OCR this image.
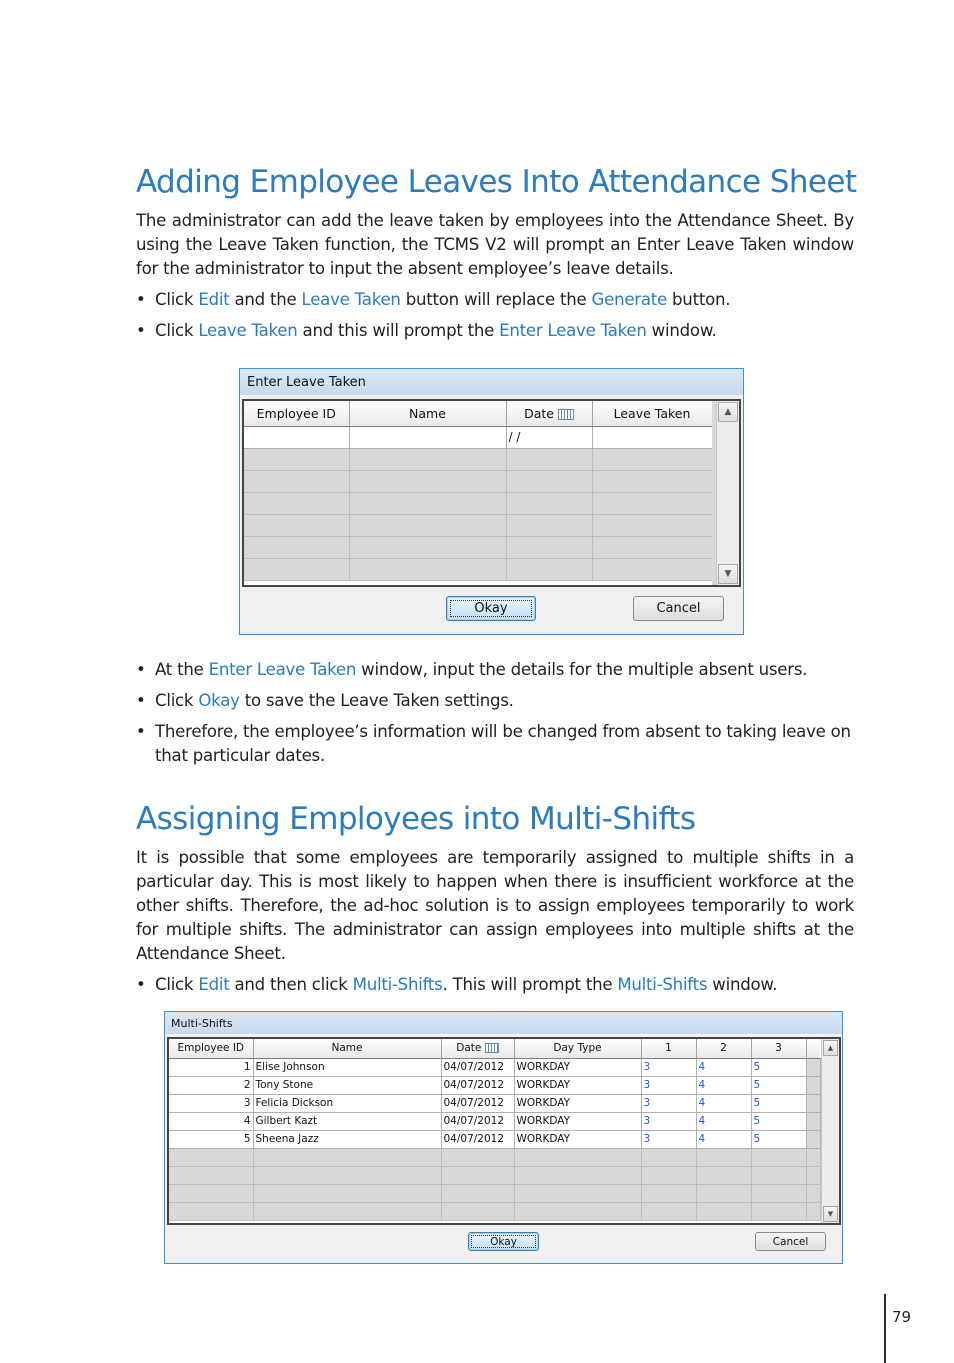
Adding Employee Leaves Into Attendance Sheet

The administrator can add the leave taken by employees into the Attendance Sheet. By using the Leave Taken function, the TCMS V2 will prompt an Enter Leave Taken window for the administrator to input the absent employee’s leave details.

• Click Edit and the Leave Taken button will replace the Generate button.
• Click Leave Taken and this will prompt the Enter Leave Taken window.
Enter Leave Taken
Employee ID	Name	Date	Leave Taken
		/ /	

▲
▼
Okay	Cancel
• At the Enter Leave Taken window, input the details for the multiple absent users.
• Click Okay to save the Leave Taken settings.
• Therefore, the employee’s information will be changed from absent to taking leave on that particular dates.
Assigning Employees into Multi-Shifts

It is possible that some employees are temporarily assigned to multiple shifts in a particular day. This is most likely to happen when there is insufficient workforce at the other shifts. Therefore, the ad-hoc solution is to assign employees temporarily to work for multiple shifts. The administrator can assign employees into multiple shifts at the Attendance Sheet.

• Click Edit and then click Multi-Shifts. This will prompt the Multi-Shifts window.
Multi-Shifts
Employee ID	Name	Date	Day Type	1	2	3	
1	Elise Johnson	04/07/2012	WORKDAY	3	4	5	
2	Tony Stone	04/07/2012	WORKDAY	3	4	5	
3	Felicia Dickson	04/07/2012	WORKDAY	3	4	5	
4	Gilbert Kazt	04/07/2012	WORKDAY	3	4	5	
5	Sheena Jazz	04/07/2012	WORKDAY	3	4	5	

▲
▼
Okay	Cancel
79
